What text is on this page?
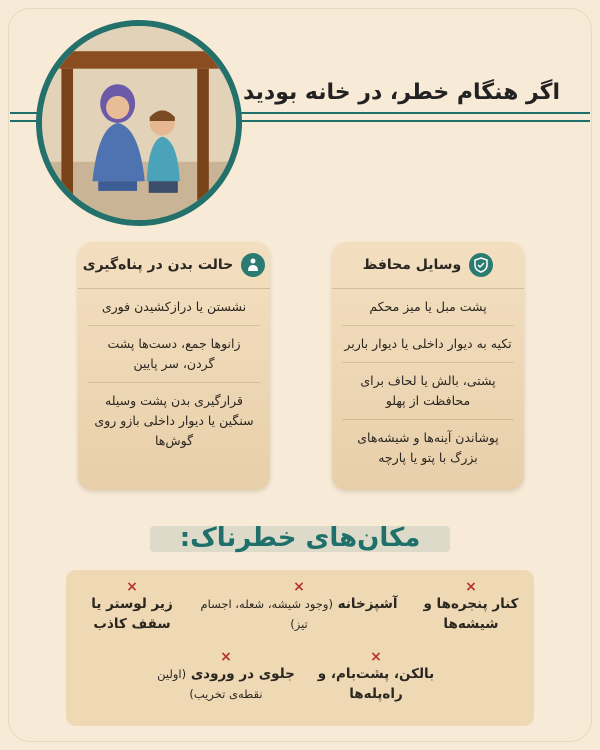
اگر هنگام خطر، در خانه بودید
وسایل محافظ
پشت مبل یا میز محکم
تکیه به دیوار داخلی یا دیوار باربر
پشتی، بالش یا لحاف برای محافظت از پهلو
پوشاندن آینه‌ها و شیشه‌های بزرگ با پتو یا پارچه
حالت بدن در پناه‌گیری
نشستن یا درازکشیدن فوری
زانوها جمع، دست‌ها پشت گردن، سر پایین
قرارگیری بدن پشت وسیله سنگین یا دیوار داخلی بازو روی گوش‌ها
مکان‌های خطرناک:
×
کنار پنجره‌ها و شیشه‌ها
×
آشپزخانه (وجود شیشه، شعله، اجسام تیز)
×
زیر لوستر یا سقف کاذب
×
بالکن، پشت‌بام، و راه‌پله‌ها
×
جلوی در ورودی (اولین نقطه‌ی تخریب)
